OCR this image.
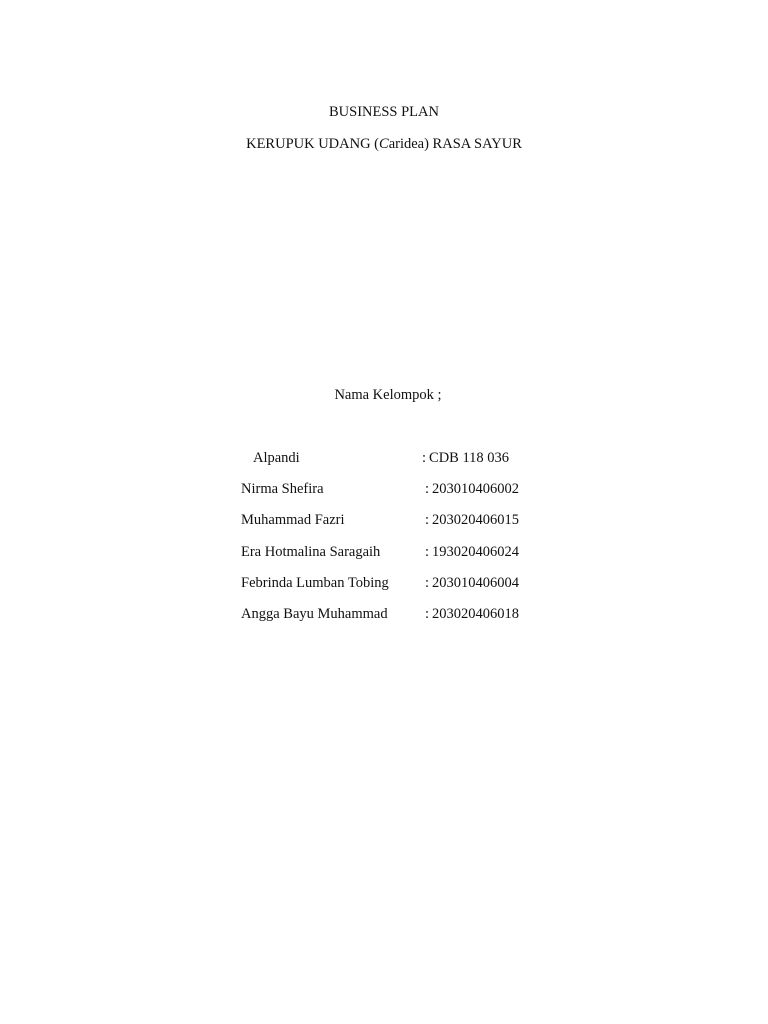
BUSINESS PLAN
KERUPUK UDANG (Caridea) RASA SAYUR
Nama Kelompok ;
Alpandi	: CDB 118 036
Nirma Shefira	: 203010406002
Muhammad Fazri	: 203020406015
Era Hotmalina Saragaih	: 193020406024
Febrinda Lumban Tobing	: 203010406004
Angga Bayu Muhammad	: 203020406018
